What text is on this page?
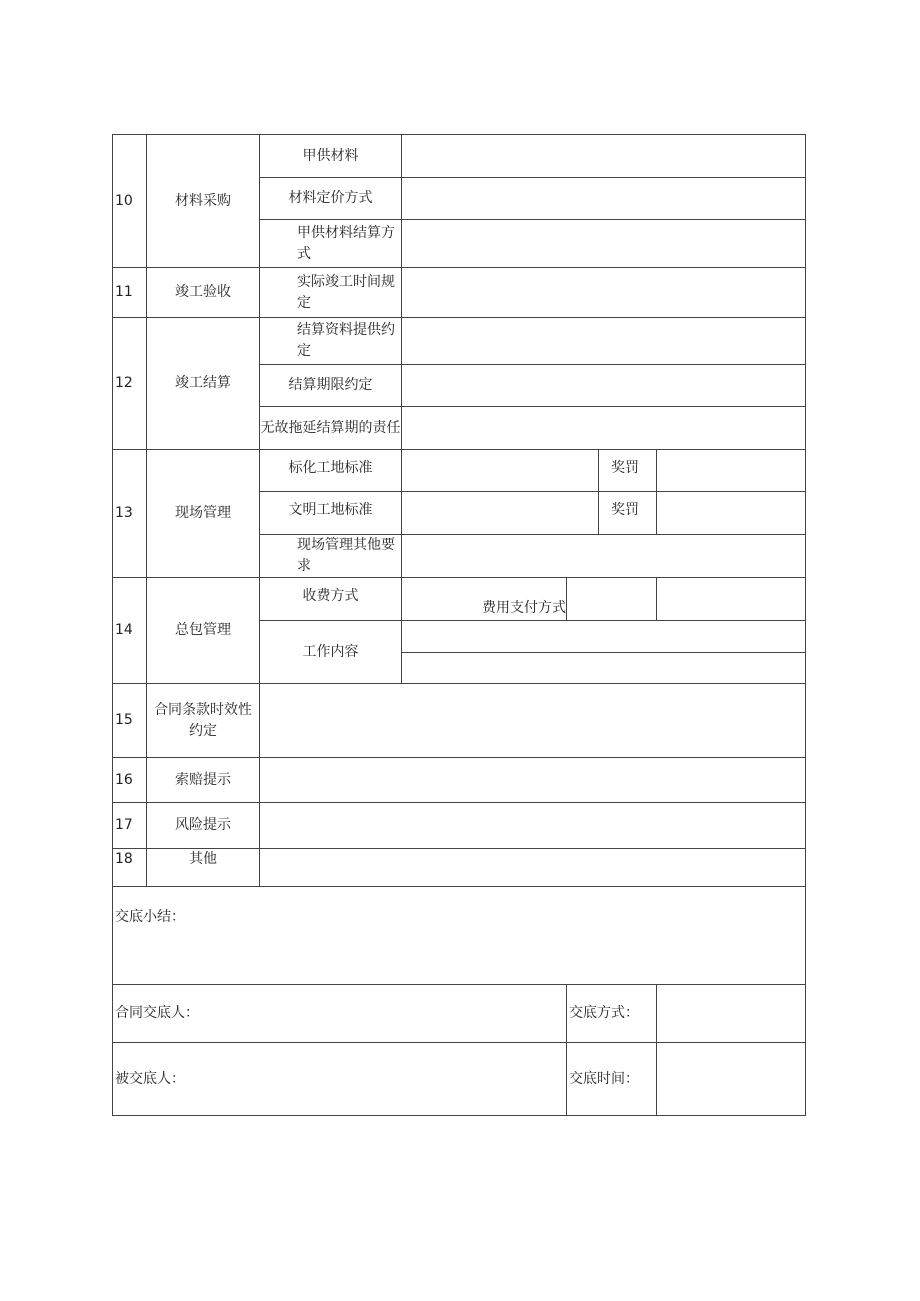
10	材料采购	甲供材料				
		材料定价方式				
		甲供材料结算方式				
11	竣工验收	实际竣工时间规定				
12	竣工结算	结算资料提供约定				
		结算期限约定				
		无故拖延结算期的责任				
13	现场管理	标化工地标准			奖罚	
		文明工地标准			奖罚	
		现场管理其他要求				
14	总包管理	收费方式	费用支付方式			
		工作内容				

15	合同条款时效性约定					
16	索赔提示					
17	风险提示					
18	其他					
交底小结：						
合同交底人：				交底方式：		
被交底人：				交底时间：		
